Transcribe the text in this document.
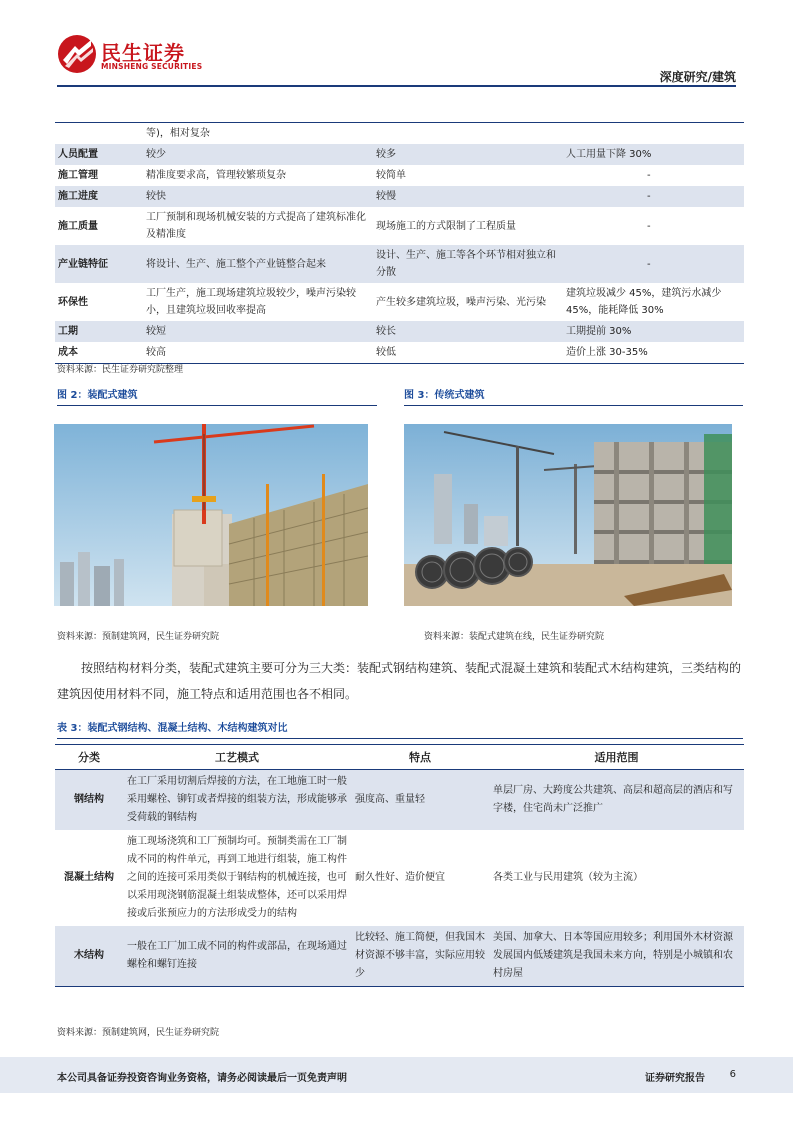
民生证券
MINSHENG SECURITIES
深度研究/建筑
	等)，相对复杂		
人员配置	较少	较多	人工用量下降 30%
施工管理	精准度要求高，管理较繁琐复杂	较简单	-
施工进度	较快	较慢	-
施工质量	工厂预制和现场机械安装的方式提高了建筑标准化及精准度	现场施工的方式限制了工程质量	-
产业链特征	将设计、生产、施工整个产业链整合起来	设计、生产、施工等各个环节相对独立和分散	-
环保性	工厂生产，施工现场建筑垃圾较少，噪声污染较小，且建筑垃圾回收率提高	产生较多建筑垃圾，噪声污染、光污染	建筑垃圾减少 45%，建筑污水减少 45%，能耗降低 30%
工期	较短	较长	工期提前 30%
成本	较高	较低	造价上涨 30-35%
资料来源：民生证券研究院整理
图 2：装配式建筑	图 3：传统式建筑
资料来源：预制建筑网，民生证券研究院	资料来源：装配式建筑在线，民生证券研究院

按照结构材料分类，装配式建筑主要可分为三大类：装配式钢结构建筑、装配式混凝土建筑和装配式木结构建筑，三类结构的建筑因使用材料不同，施工特点和适用范围也各不相同。

表 3：装配式钢结构、混凝土结构、木结构建筑对比
分类	工艺模式	特点	适用范围
钢结构	在工厂采用切割后焊接的方法，在工地施工时一般采用螺栓、铆钉或者焊接的组装方法，形成能够承受荷载的钢结构	强度高、重量轻	单层厂房、大跨度公共建筑、高层和超高层的酒店和写字楼，住宅尚未广泛推广
混凝土结构	施工现场浇筑和工厂预制均可。预制类需在工厂制成不同的构件单元，再到工地进行组装，施工构件之间的连接可采用类似于钢结构的机械连接，也可以采用现浇钢筋混凝土组装成整体，还可以采用焊接或后张预应力的方法形成受力的结构	耐久性好、造价便宜	各类工业与民用建筑（较为主流）
木结构	一般在工厂加工成不同的构件或部品，在现场通过螺栓和螺钉连接	比较轻、施工简便，但我国木材资源不够丰富，实际应用较少	美国、加拿大、日本等国应用较多；利用国外木材资源发展国内低矮建筑是我国未来方向，特别是小城镇和农村房屋
资料来源：预制建筑网，民生证券研究院
本公司具备证券投资咨询业务资格，请务必阅读最后一页免责声明	证券研究报告 6
